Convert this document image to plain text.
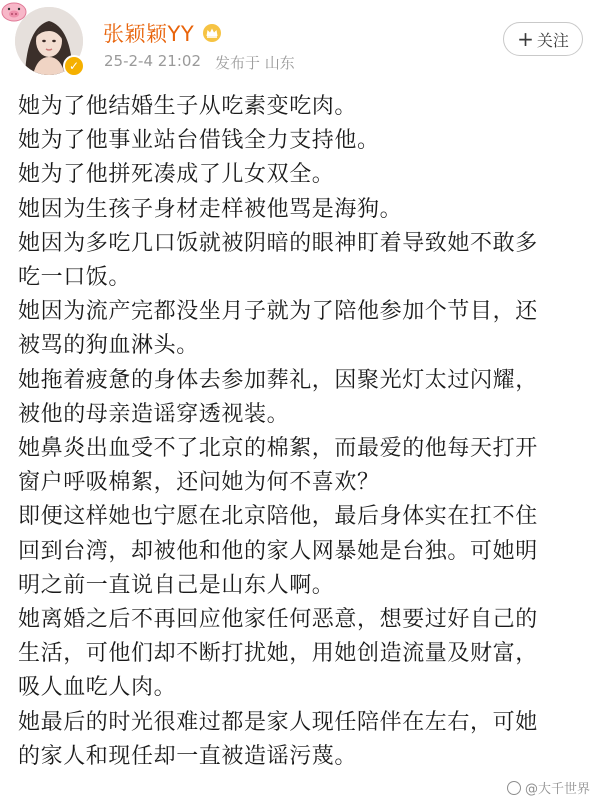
✓
张颖颖YY
25-2-4 21:02 发布于 山东
+ 关注
她为了他结婚生子从吃素变吃肉。
她为了他事业站台借钱全力支持他。
她为了他拼死凑成了儿女双全。
她因为生孩子身材走样被他骂是海狗。
她因为多吃几口饭就被阴暗的眼神盯着导致她不敢多
吃一口饭。
她因为流产完都没坐月子就为了陪他参加个节目，还
被骂的狗血淋头。
她拖着疲惫的身体去参加葬礼，因聚光灯太过闪耀，
被他的母亲造谣穿透视装。
她鼻炎出血受不了北京的棉絮，而最爱的他每天打开
窗户呼吸棉絮，还问她为何不喜欢？
即便这样她也宁愿在北京陪他，最后身体实在扛不住
回到台湾，却被他和他的家人网暴她是台独。可她明
明之前一直说自己是山东人啊。
她离婚之后不再回应他家任何恶意，想要过好自己的
生活，可他们却不断打扰她，用她创造流量及财富，
吸人血吃人肉。
她最后的时光很难过都是家人现任陪伴在左右，可她
的家人和现任却一直被造谣污蔑。
@大千世界
